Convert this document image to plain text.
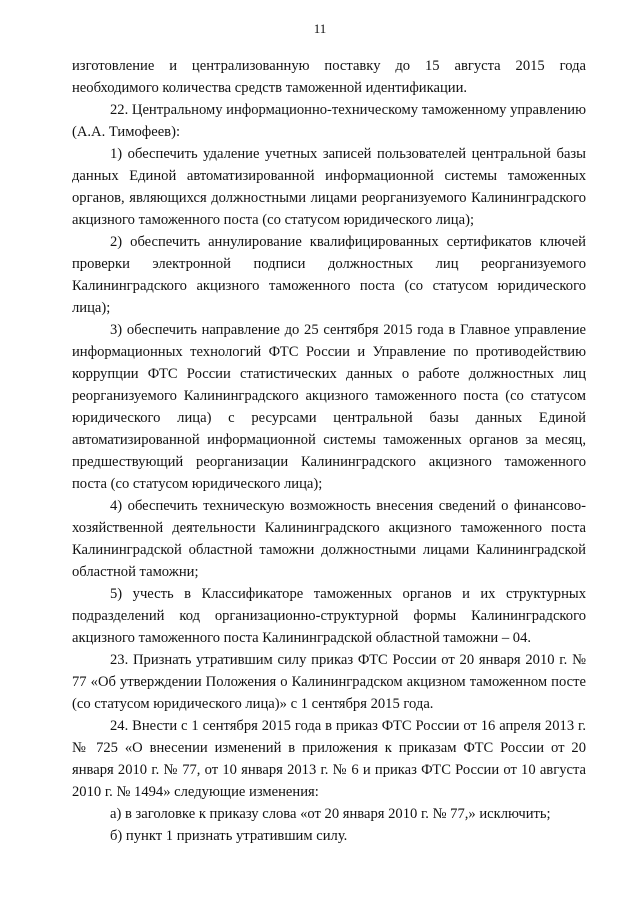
11

изготовление и централизованную поставку до 15 августа 2015 года необходимого количества средств таможенной идентификации.

22. Центральному информационно-техническому таможенному управлению (А.А. Тимофеев):

1) обеспечить удаление учетных записей пользователей центральной базы данных Единой автоматизированной информационной системы таможенных органов, являющихся должностными лицами реорганизуемого Калининградского акцизного таможенного поста (со статусом юридического лица);

2) обеспечить аннулирование квалифицированных сертификатов ключей проверки электронной подписи должностных лиц реорганизуемого Калининградского акцизного таможенного поста (со статусом юридического лица);

3) обеспечить направление до 25 сентября 2015 года в Главное управление информационных технологий ФТС России и Управление по противодействию коррупции ФТС России статистических данных о работе должностных лиц реорганизуемого Калининградского акцизного таможенного поста (со статусом юридического лица) с ресурсами центральной базы данных Единой автоматизированной информационной системы таможенных органов за месяц, предшествующий реорганизации Калининградского акцизного таможенного поста (со статусом юридического лица);

4) обеспечить техническую возможность внесения сведений о финансово-хозяйственной деятельности Калининградского акцизного таможенного поста Калининградской областной таможни должностными лицами Калининградской областной таможни;

5) учесть в Классификаторе таможенных органов и их структурных подразделений код организационно-структурной формы Калининградского акцизного таможенного поста Калининградской областной таможни – 04.

23. Признать утратившим силу приказ ФТС России от 20 января 2010 г. № 77 «Об утверждении Положения о Калининградском акцизном таможенном посте (со статусом юридического лица)» с 1 сентября 2015 года.

24. Внести с 1 сентября 2015 года в приказ ФТС России от 16 апреля 2013 г. № 725 «О внесении изменений в приложения к приказам ФТС России от 20 января 2010 г. № 77, от 10 января 2013 г. № 6 и приказ ФТС России от 10 августа 2010 г. № 1494» следующие изменения:

а) в заголовке к приказу слова «от 20 января 2010 г. № 77,» исключить;

б) пункт 1 признать утратившим силу.
